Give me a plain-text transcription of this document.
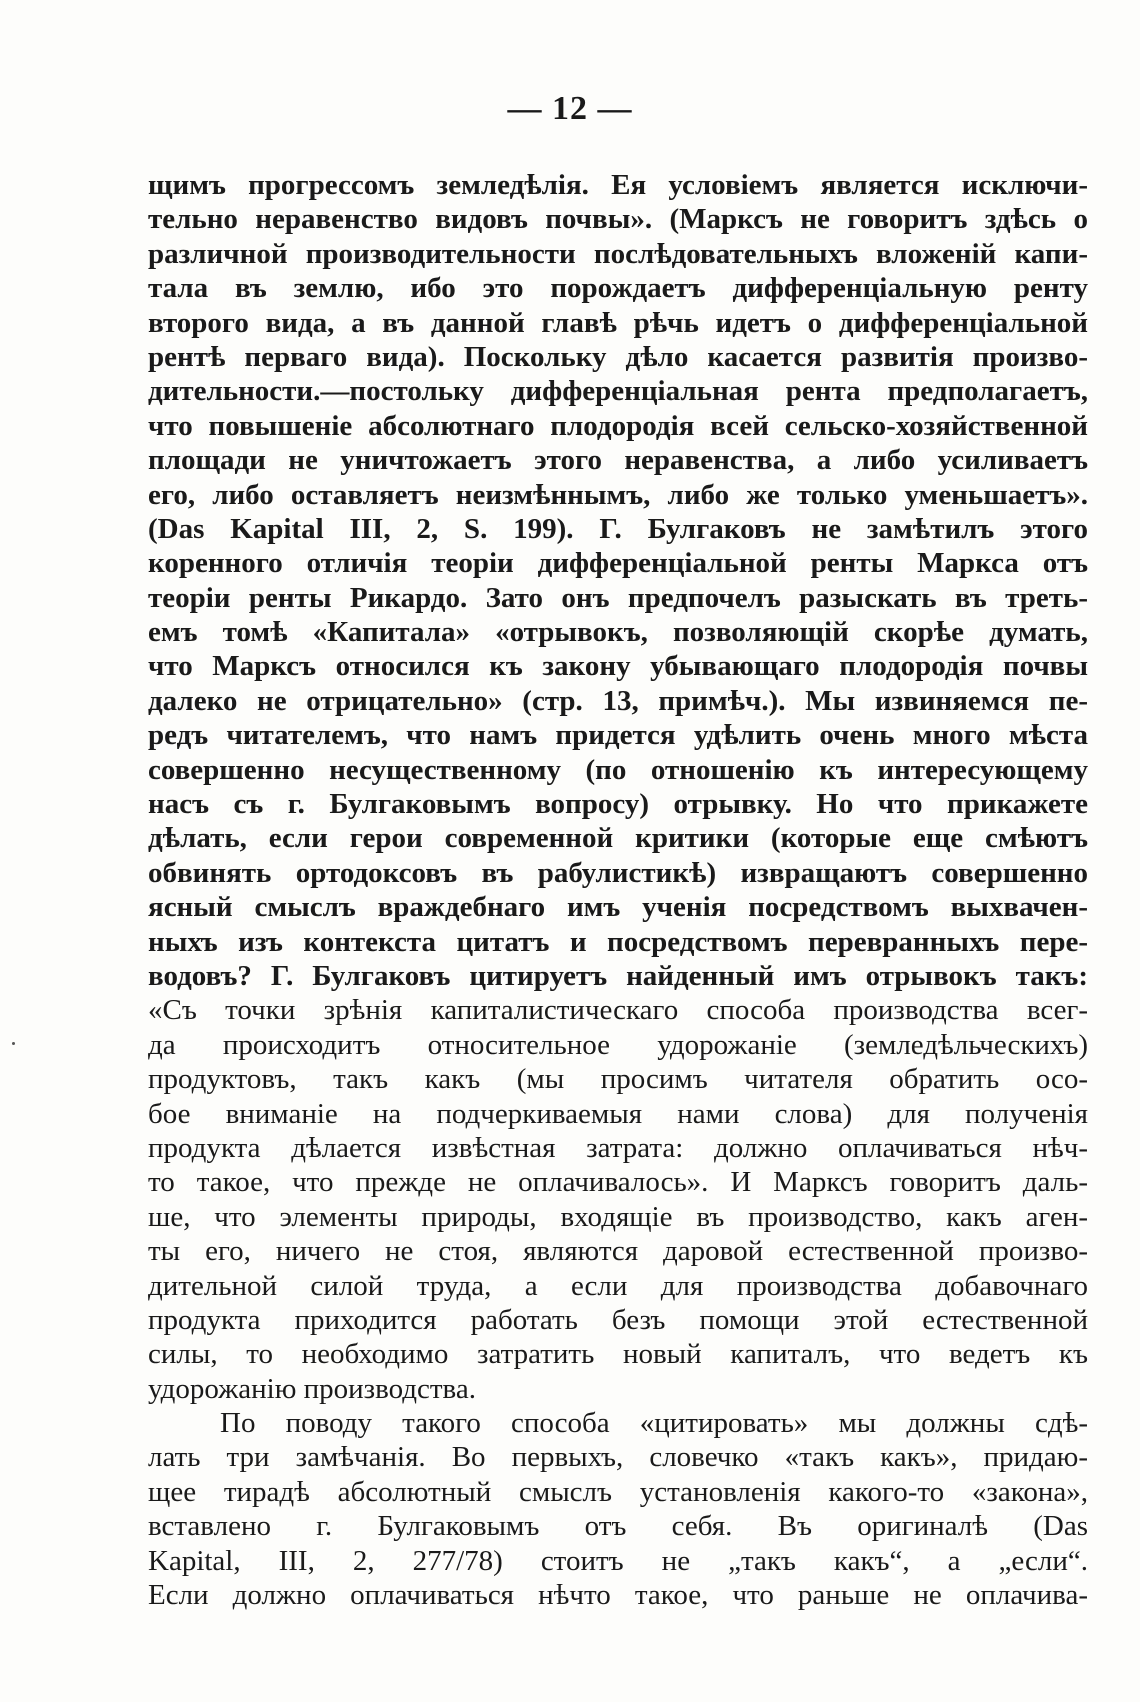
— 12 —
щимъ прогрессомъ земледѣлія. Ея условіемъ является исключи-
тельно неравенство видовъ почвы». (Марксъ не говоритъ здѣсь о
различной производительности послѣдовательныхъ вложеній капи-
тала въ землю, ибо это порождаетъ дифференціальную ренту
второго вида, а въ данной главѣ рѣчь идетъ о дифференціальной
рентѣ перваго вида). Поскольку дѣло касается развитія произво-
дительности.—постольку дифференціальная рента предполагаетъ,
что повышеніе абсолютнаго плодородія всей сельско-хозяйственной
площади не уничтожаетъ этого неравенства, а либо усиливаетъ
его, либо оставляетъ неизмѣннымъ, либо же только уменьшаетъ».
(Das Kapital III, 2, S. 199). Г. Булгаковъ не замѣтилъ этого
коренного отличія теоріи дифференціальной ренты Маркса отъ
теоріи ренты Рикардо. Зато онъ предпочелъ разыскать въ треть-
емъ томѣ «Капитала» «отрывокъ, позволяющій скорѣе думать,
что Марксъ относился къ закону убывающаго плодородія почвы
далеко не отрицательно» (стр. 13, примѣч.). Мы извиняемся пе-
редъ читателемъ, что намъ придется удѣлить очень много мѣста
совершенно несущественному (по отношенію къ интересующему
насъ съ г. Булгаковымъ вопросу) отрывку. Но что прикажете
дѣлать, если герои современной критики (которые еще смѣютъ
обвинять ортодоксовъ въ рабулистикѣ) извращаютъ совершенно
ясный смыслъ враждебнаго имъ ученія посредствомъ выхвачен-
ныхъ изъ контекста цитатъ и посредствомъ перевранныхъ пере-
водовъ? Г. Булгаковъ цитируетъ найденный имъ отрывокъ такъ:
«Съ точки зрѣнія капиталистическаго способа производства всег-
да происходитъ относительное удорожаніе (земледѣльческихъ)
продуктовъ, такъ какъ (мы просимъ читателя обратить осо-
бое вниманіе на подчеркиваемыя нами слова) для полученія
продукта дѣлается извѣстная затрата: должно оплачиваться нѣч-
то такое, что прежде не оплачивалось». И Марксъ говоритъ даль-
ше, что элементы природы, входящіе въ производство, какъ аген-
ты его, ничего не стоя, являются даровой естественной произво-
дительной силой труда, а если для производства добавочнаго
продукта приходится работать безъ помощи этой естественной
силы, то необходимо затратить новый капиталъ, что ведетъ къ
удорожанію производства.
По поводу такого способа «цитировать» мы должны сдѣ-
лать три замѣчанія. Во первыхъ, словечко «такъ какъ», придаю-
щее тирадѣ абсолютный смыслъ установленія какого-то «закона»,
вставлено г. Булгаковымъ отъ себя. Въ оригиналѣ (Das
Kapital, III, 2, 277/78) стоитъ не „такъ какъ“, а „если“.
Если должно оплачиваться нѣчто такое, что раньше не оплачива-
